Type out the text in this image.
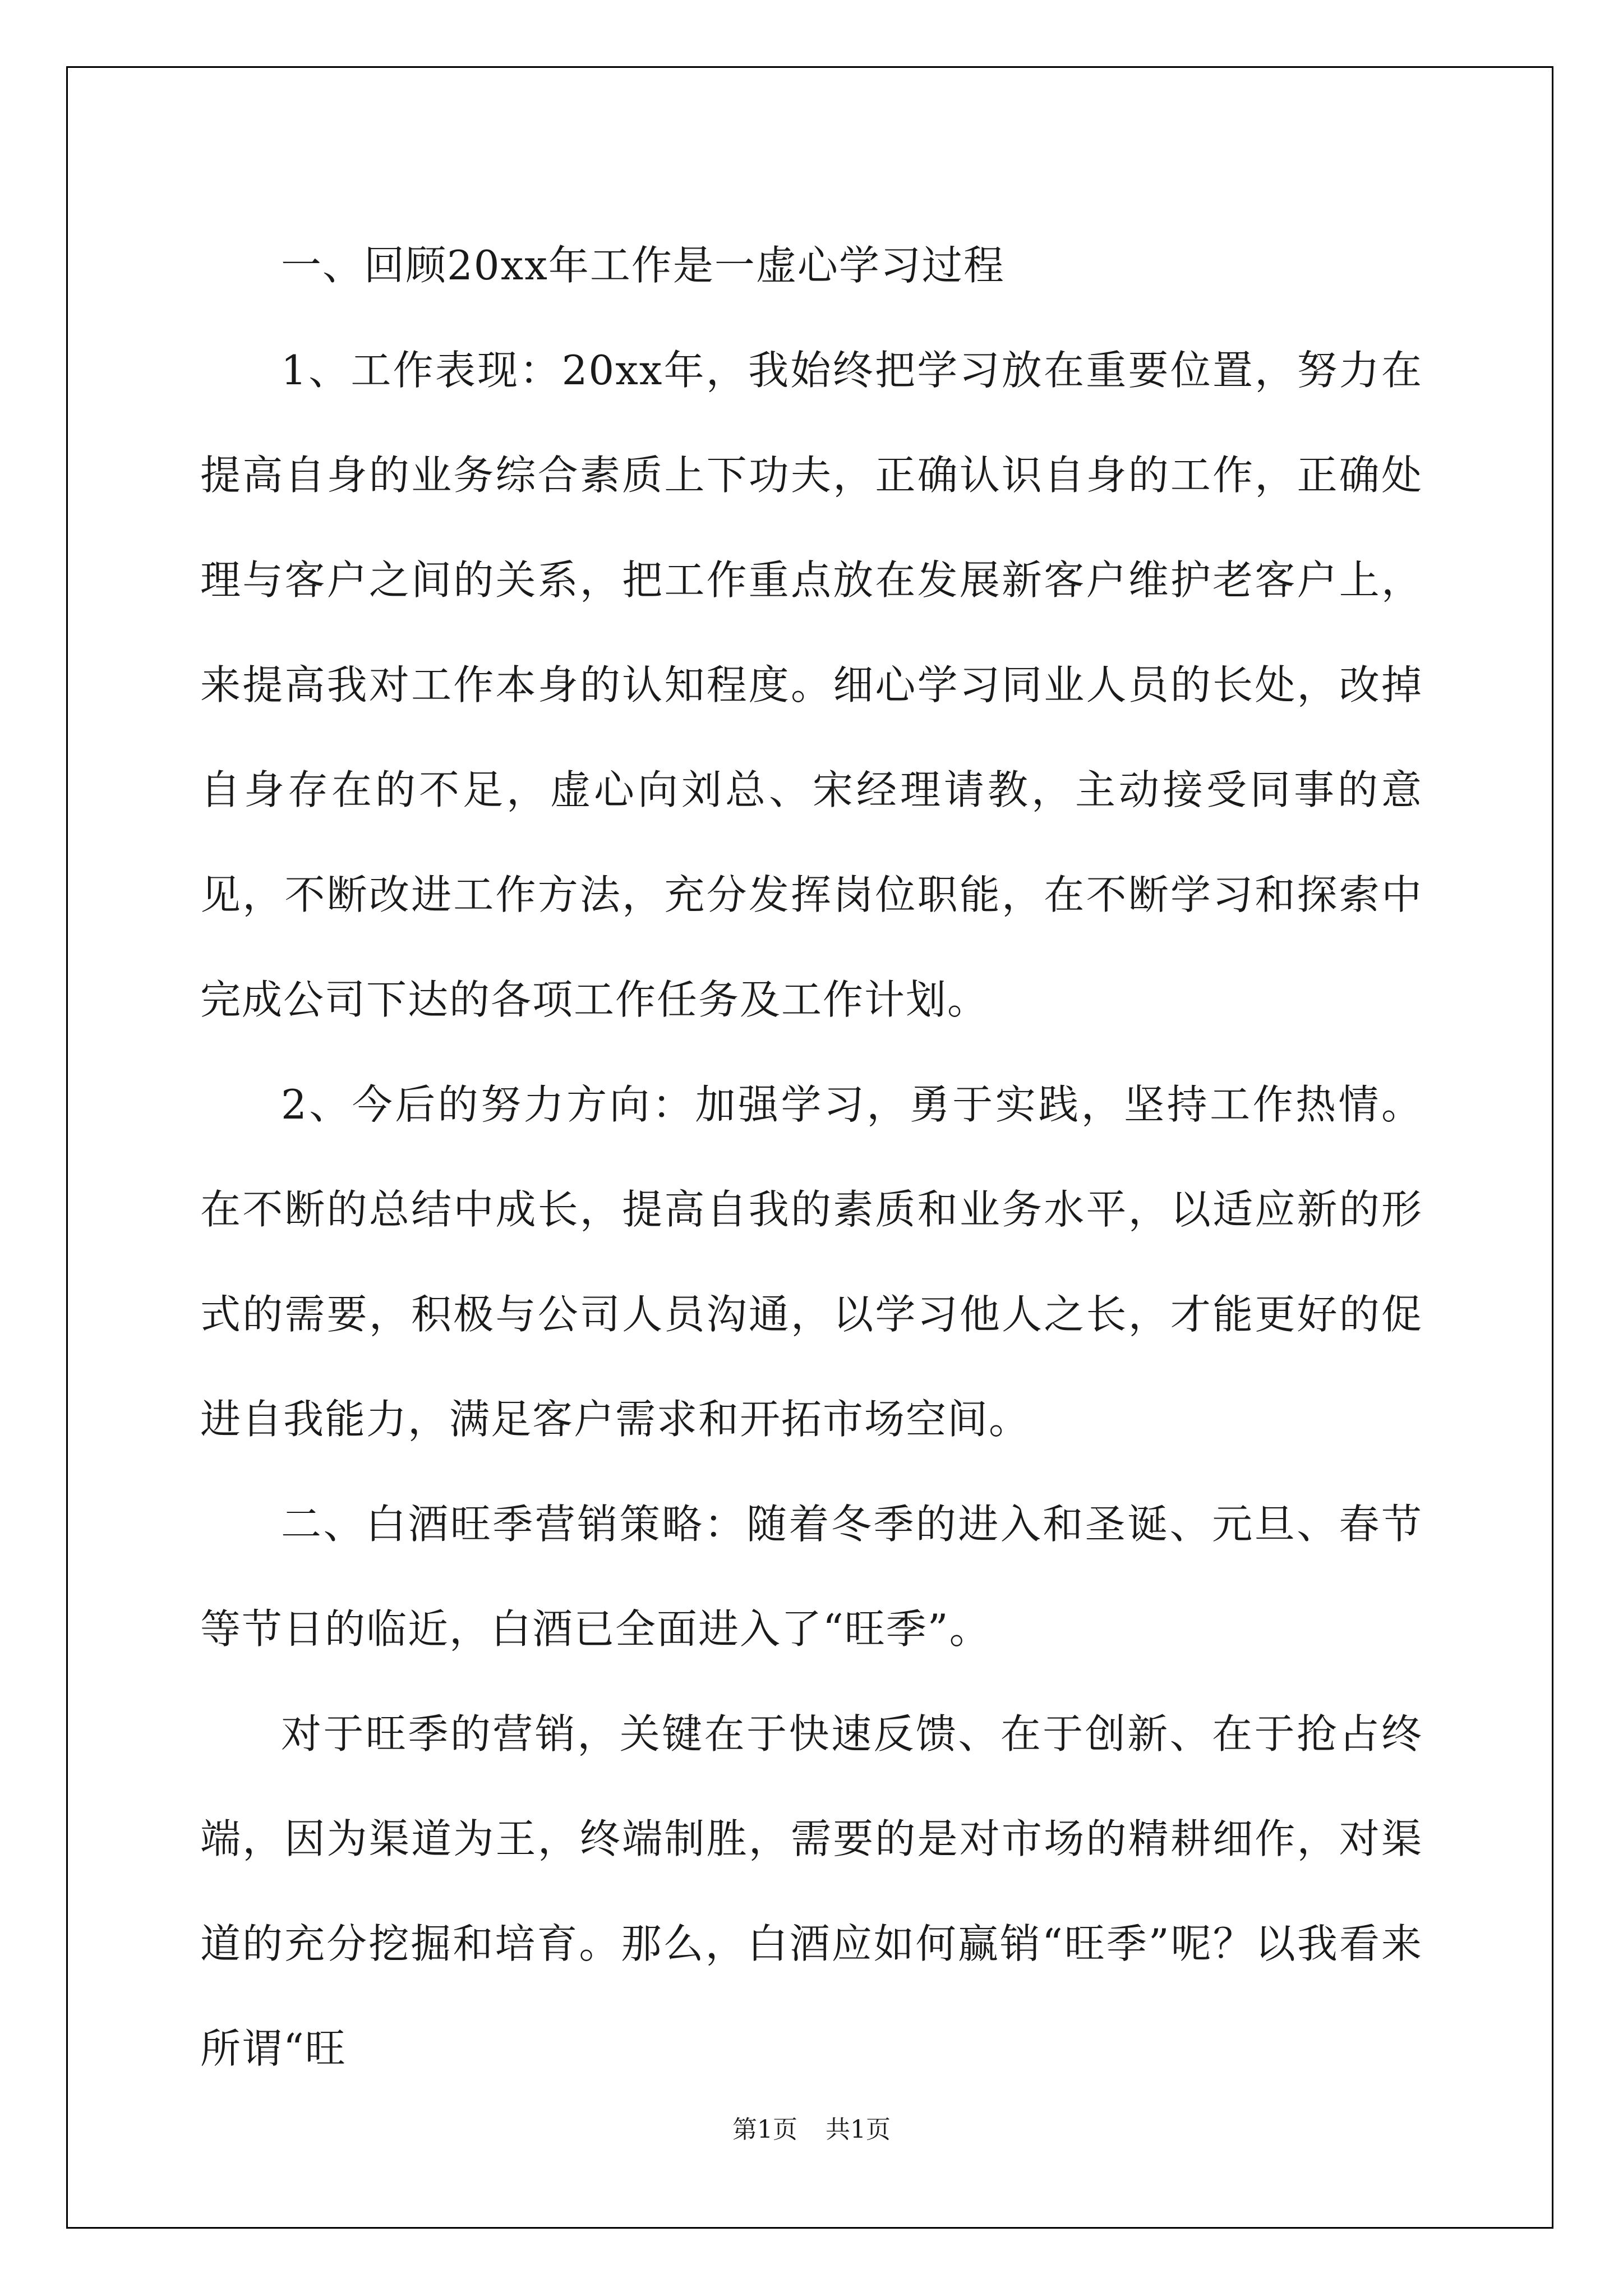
一、回顾20xx年工作是一虚心学习过程

1、工作表现：20xx年，我始终把学习放在重要位置，努力在提高自身的业务综合素质上下功夫，正确认识自身的工作，正确处理与客户之间的关系，把工作重点放在发展新客户维护老客户上，来提高我对工作本身的认知程度。细心学习同业人员的长处，改掉自身存在的不足，虚心向刘总、宋经理请教，主动接受同事的意见，不断改进工作方法，充分发挥岗位职能，在不断学习和探索中完成公司下达的各项工作任务及工作计划。

2、今后的努力方向：加强学习，勇于实践，坚持工作热情。在不断的总结中成长，提高自我的素质和业务水平，以适应新的形式的需要，积极与公司人员沟通，以学习他人之长，才能更好的促进自我能力，满足客户需求和开拓市场空间。

二、白酒旺季营销策略：随着冬季的进入和圣诞、元旦、春节等节日的临近，白酒已全面进入了“旺季”。

对于旺季的营销，关键在于快速反馈、在于创新、在于抢占终端，因为渠道为王，终端制胜，需要的是对市场的精耕细作，对渠道的充分挖掘和培育。那么，白酒应如何赢销“旺季”呢？以我看来所谓“旺

第1页 共1页
